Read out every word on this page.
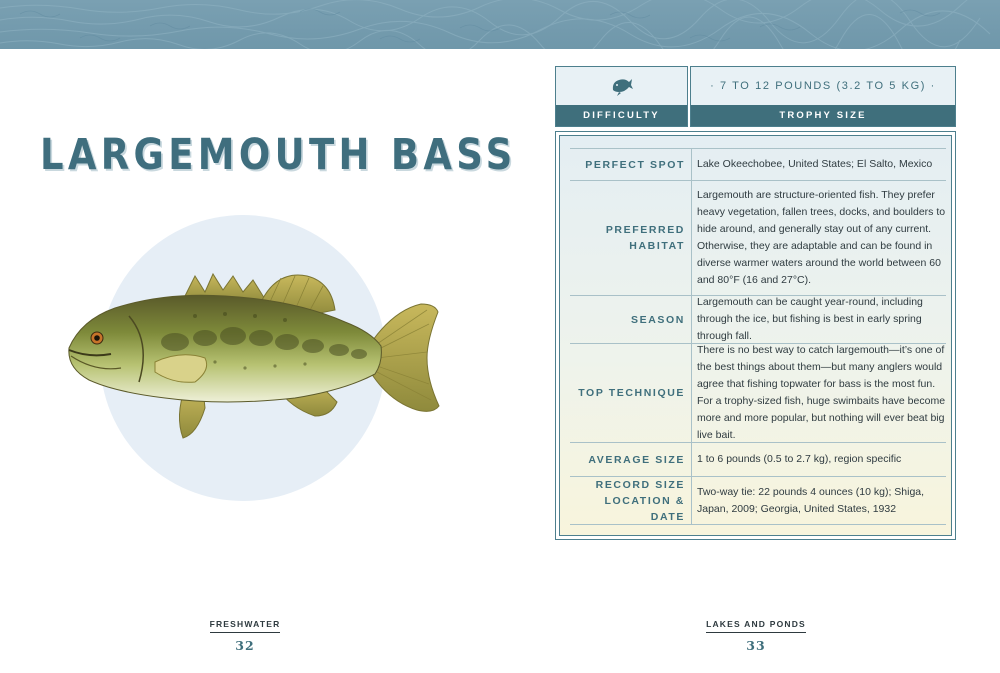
LARGEMOUTH BASS
FRESHWATER
32
DIFFICULTY
· 7 TO 12 POUNDS (3.2 TO 5 KG) ·
TROPHY SIZE
PERFECT SPOT Lake Okeechobee, United States; El Salto, Mexico
PREFERRED
HABITAT
Largemouth are structure-oriented fish. They prefer heavy vegetation, fallen trees, docks, and boulders to hide around, and generally stay out of any current. Otherwise, they are adaptable and can be found in diverse warmer waters around the world between 60 and 80°F (16 and 27°C).
SEASON
Largemouth can be caught year-round, including through the ice, but fishing is best in early spring through fall.
TOP TECHNIQUE
There is no best way to catch largemouth—it’s one of the best things about them—but many anglers would agree that fishing topwater for bass is the most fun. For a trophy-sized fish, huge swimbaits have become more and more popular, but nothing will ever beat big live bait.
AVERAGE SIZE 1 to 6 pounds (0.5 to 2.7 kg), region specific
RECORD SIZE
LOCATION & DATE
Two-way tie: 22 pounds 4 ounces (10 kg); Shiga, Japan, 2009; Georgia, United States, 1932
LAKES AND PONDS
33
